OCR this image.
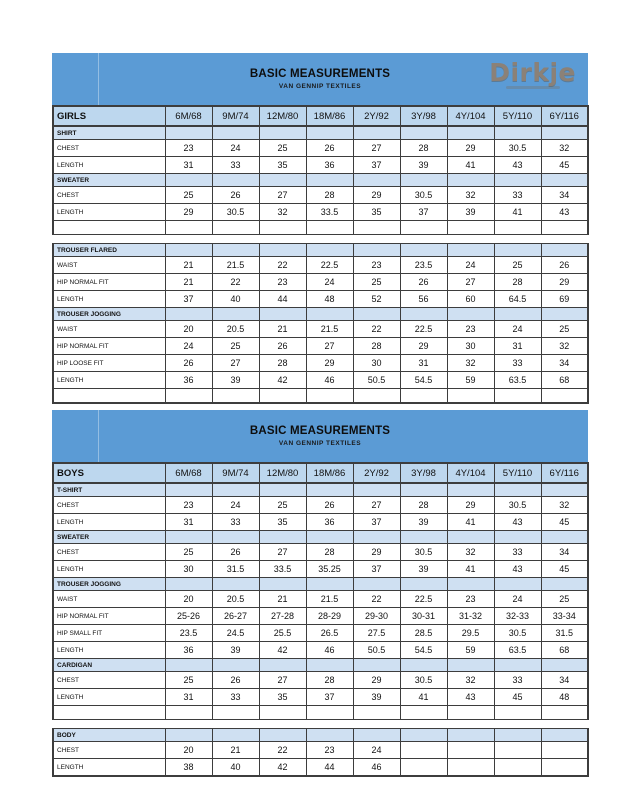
BASIC MEASUREMENTS
VAN GENNIP TEXTILES	Dirkje
GIRLS	6M/68	9M/74	12M/80	18M/86	2Y/92	3Y/98	4Y/104	5Y/110	6Y/116
SHIRT									
CHEST	23	24	25	26	27	28	29	30.5	32
LENGTH	31	33	35	36	37	39	41	43	45
SWEATER									
CHEST	25	26	27	28	29	30.5	32	33	34
LENGTH	29	30.5	32	33.5	35	37	39	41	43

TROUSER FLARED									
WAIST	21	21.5	22	22.5	23	23.5	24	25	26
HIP NORMAL FIT	21	22	23	24	25	26	27	28	29
LENGTH	37	40	44	48	52	56	60	64.5	69
TROUSER JOGGING									
WAIST	20	20.5	21	21.5	22	22.5	23	24	25
HIP NORMAL FIT	24	25	26	27	28	29	30	31	32
HIP LOOSE FIT	26	27	28	29	30	31	32	33	34
LENGTH	36	39	42	46	50.5	54.5	59	63.5	68

BASIC MEASUREMENTS
VAN GENNIP TEXTILES
BOYS	6M/68	9M/74	12M/80	18M/86	2Y/92	3Y/98	4Y/104	5Y/110	6Y/116
T-SHIRT									
CHEST	23	24	25	26	27	28	29	30.5	32
LENGTH	31	33	35	36	37	39	41	43	45
SWEATER									
CHEST	25	26	27	28	29	30.5	32	33	34
LENGTH	30	31.5	33.5	35.25	37	39	41	43	45
TROUSER JOGGING									
WAIST	20	20.5	21	21.5	22	22.5	23	24	25
HIP NORMAL FIT	25-26	26-27	27-28	28-29	29-30	30-31	31-32	32-33	33-34
HIP SMALL FIT	23.5	24.5	25.5	26.5	27.5	28.5	29.5	30.5	31.5
LENGTH	36	39	42	46	50.5	54.5	59	63.5	68
CARDIGAN									
CHEST	25	26	27	28	29	30.5	32	33	34
LENGTH	31	33	35	37	39	41	43	45	48

BODY									
CHEST	20	21	22	23	24				
LENGTH	38	40	42	44	46				
